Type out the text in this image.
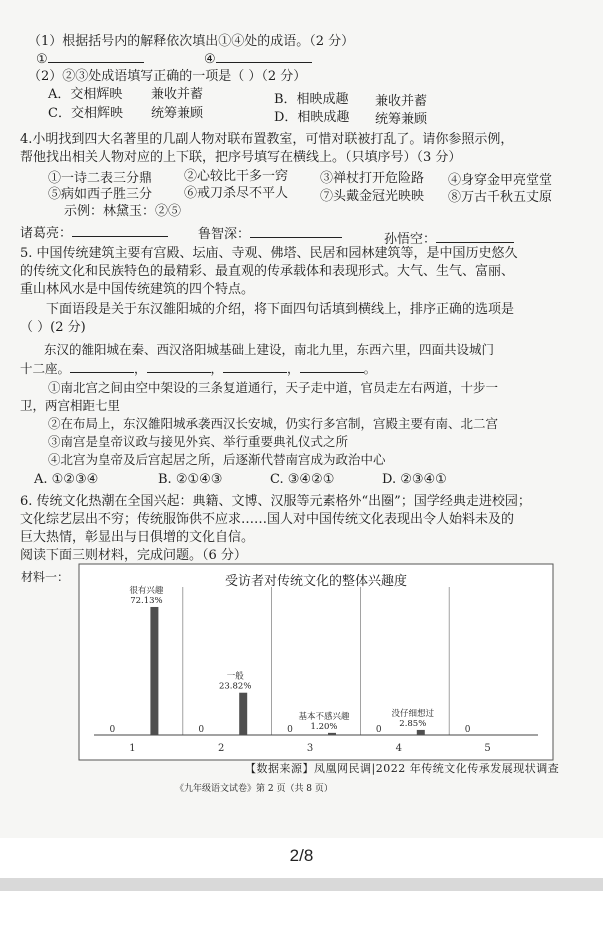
（1）根据括号内的解释依次填出①④处的成语。（2 分）
①	④
（2）②③处成语填写正确的一项是（ ）（2 分）
A．交相辉映 兼收并蓄	B．相映成趣 兼收并蓄
C．交相辉映 统筹兼顾	D．相映成趣 统筹兼顾
4.小明找到四大名著里的几副人物对联布置教室，可惜对联被打乱了。请你参照示例，
帮他找出相关人物对应的上下联，把序号填写在横线上。（只填序号）（3 分）
①一诗二表三分鼎 ②心较比干多一窍 ③禅杖打开危险路 ④身穿金甲亮堂堂
⑤病如西子胜三分 ⑥戒刀杀尽不平人 ⑦头戴金冠光映映 ⑧万古千秋五丈原
示例：林黛玉：②⑤
诸葛亮：	鲁智深：	孙悟空：
5. 中国传统建筑主要有宫殿、坛庙、寺观、佛塔、民居和园林建筑等，是中国历史悠久
的传统文化和民族特色的最精彩、最直观的传承载体和表现形式。大气、生气、富丽、
重山林风水是中国传统建筑的四个特点。
下面语段是关于东汉雒阳城的介绍，将下面四句话填到横线上，排序正确的选项是
（ ）(2 分)
东汉的雒阳城在秦、西汉洛阳城基础上建设，南北九里，东西六里，四面共设城门
十二座。	，	，	，	。
①南北宫之间由空中架设的三条复道通行，天子走中道，官员走左右两道，十步一
卫，两宫相距七里
②在布局上，东汉雒阳城承袭西汉长安城，仍实行多宫制，宫殿主要有南、北二宫
③南宫是皇帝议政与接见外宾、举行重要典礼仪式之所
④北宫为皇帝及后宫起居之所，后逐渐代替南宫成为政治中心
A. ①②③④	B. ②①④③	C. ③④②①	D. ②③④①
6. 传统文化热潮在全国兴起：典籍、文博、汉服等元素格外“出圈”；国学经典走进校园；
文化综艺层出不穷；传统服饰供不应求……国人对中国传统文化表现出令人始料未及的
巨大热情，彰显出与日俱增的文化自信。
阅读下面三则材料，完成问题。（6 分）
材料一：	受访者对传统文化的整体兴趣度
0
1
0
2
0
3
0
4
0
5
很有兴趣
72.13%
一般
23.82%
基本不感兴趣
1.20%
没仔细想过
2.85%
【数据来源】凤凰网民调|2022 年传统文化传承发展现状调查
《九年级语文试卷》第 2 页（共 8 页）
2/8
